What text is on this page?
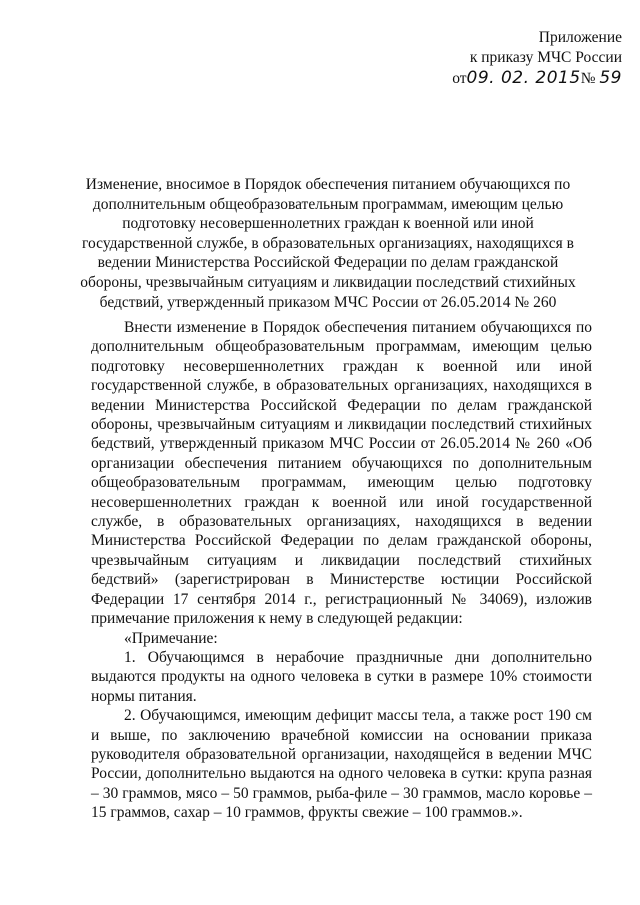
Приложение
к приказу МЧС России
от09. 02. 2015№ 59
Изменение, вносимое в Порядок обеспечения питанием обучающихся по дополнительным общеобразовательным программам, имеющим целью подготовку несовершеннолетних граждан к военной или иной государственной службе, в образовательных организациях, находящихся в ведении Министерства Российской Федерации по делам гражданской обороны, чрезвычайным ситуациям и ликвидации последствий стихийных бедствий, утвержденный приказом МЧС России от 26.05.2014 № 260

Внести изменение в Порядок обеспечения питанием обучающихся по дополнительным общеобразовательным программам, имеющим целью подготовку несовершеннолетних граждан к военной или иной государственной службе, в образовательных организациях, находящихся в ведении Министерства Российской Федерации по делам гражданской обороны, чрезвычайным ситуациям и ликвидации последствий стихийных бедствий, утвержденный приказом МЧС России от 26.05.2014 № 260 «Об организации обеспечения питанием обучающихся по дополнительным общеобразовательным программам, имеющим целью подготовку несовершеннолетних граждан к военной или иной государственной службе, в образовательных организациях, находящихся в ведении Министерства Российской Федерации по делам гражданской обороны, чрезвычайным ситуациям и ликвидации последствий стихийных бедствий» (зарегистрирован в Министерстве юстиции Российской Федерации 17 сентября 2014 г., регистрационный № 34069), изложив примечание приложения к нему в следующей редакции:

«Примечание:

1. Обучающимся в нерабочие праздничные дни дополнительно выдаются продукты на одного человека в сутки в размере 10% стоимости нормы питания.

2. Обучающимся, имеющим дефицит массы тела, а также рост 190 см и выше, по заключению врачебной комиссии на основании приказа руководителя образовательной организации, находящейся в ведении МЧС России, дополнительно выдаются на одного человека в сутки: крупа разная – 30 граммов, мясо – 50 граммов, рыба-филе – 30 граммов, масло коровье – 15 граммов, сахар – 10 граммов, фрукты свежие – 100 граммов.».
